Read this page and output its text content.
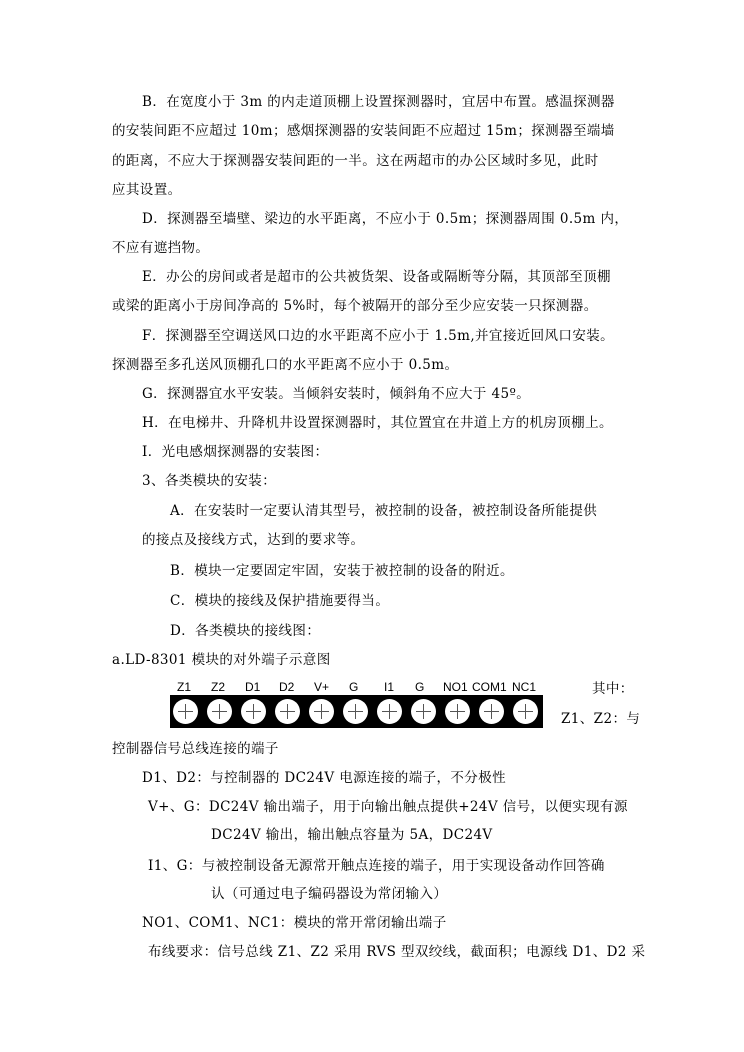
B．在宽度小于 3m 的内走道顶棚上设置探测器时，宜居中布置。感温探测器
的安装间距不应超过 10m；感烟探测器的安装间距不应超过 15m；探测器至端墙
的距离，不应大于探测器安装间距的一半。这在两超市的办公区域时多见，此时
应其设置。
D．探测器至墙壁、梁边的水平距离，不应小于 0.5m；探测器周围 0.5m 内，
不应有遮挡物。
E．办公的房间或者是超市的公共被货架、设备或隔断等分隔，其顶部至顶棚
或梁的距离小于房间净高的 5%时，每个被隔开的部分至少应安装一只探测器。
F．探测器至空调送风口边的水平距离不应小于 1.5m,并宜接近回风口安装。
探测器至多孔送风顶棚孔口的水平距离不应小于 0.5m。
G．探测器宜水平安装。当倾斜安装时，倾斜角不应大于 45º。
H．在电梯井、升降机井设置探测器时，其位置宜在井道上方的机房顶棚上。
I．光电感烟探测器的安装图：
3、各类模块的安装：
A．在安装时一定要认清其型号，被控制的设备，被控制设备所能提供
的接点及接线方式，达到的要求等。
B．模块一定要固定牢固，安装于被控制的设备的附近。
C．模块的接线及保护措施要得当。
D．各类模块的接线图：
a.LD-8301 模块的对外端子示意图
Z1 Z2 D1 D2 V+ G I1 G NO1 COM1 NC1	其中：
Z1、Z2：与
控制器信号总线连接的端子
D1、D2：与控制器的 DC24V 电源连接的端子，不分极性
V+、G：DC24V 输出端子，用于向输出触点提供+24V 信号，以便实现有源
DC24V 输出，输出触点容量为 5A，DC24V
I1、G：与被控制设备无源常开触点连接的端子，用于实现设备动作回答确
认（可通过电子编码器设为常闭输入）
NO1、COM1、NC1：模块的常开常闭输出端子
布线要求：信号总线 Z1、Z2 采用 RVS 型双绞线，截面积；电源线 D1、D2 采
